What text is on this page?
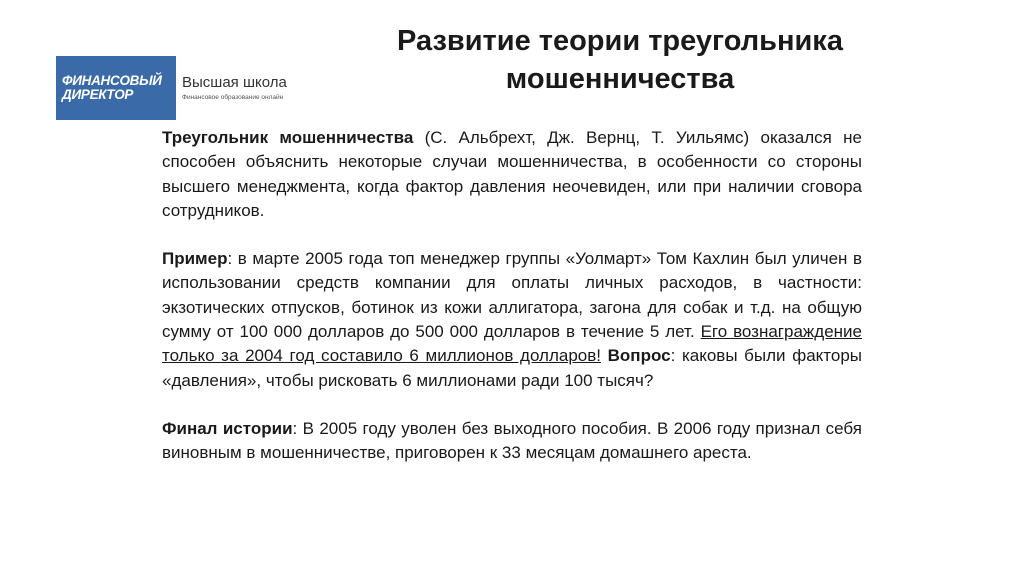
ФИНАНСОВЫЙ
ДИРЕКТОР
Высшая школа
Финансовое образование онлайн
Развитие теории треугольника
мошенничества

Треугольник мошенничества (С. Альбрехт, Дж. Вернц, Т. Уильямс) оказался не способен объяснить некоторые случаи мошенничества, в особенности со стороны высшего менеджмента, когда фактор давления неочевиден, или при наличии сговора сотрудников.

Пример: в марте 2005 года топ менеджер группы «Уолмарт» Том Кахлин был уличен в использовании средств компании для оплаты личных расходов, в частности: экзотических отпусков, ботинок из кожи аллигатора, загона для собак и т.д. на общую сумму от 100 000 долларов до 500 000 долларов в течение 5 лет. Его вознаграждение только за 2004 год составило 6 миллионов долларов! Вопрос: каковы были факторы «давления», чтобы рисковать 6 миллионами ради 100 тысяч?

Финал истории: В 2005 году уволен без выходного пособия. В 2006 году признал себя виновным в мошенничестве, приговорен к 33 месяцам домашнего ареста.
